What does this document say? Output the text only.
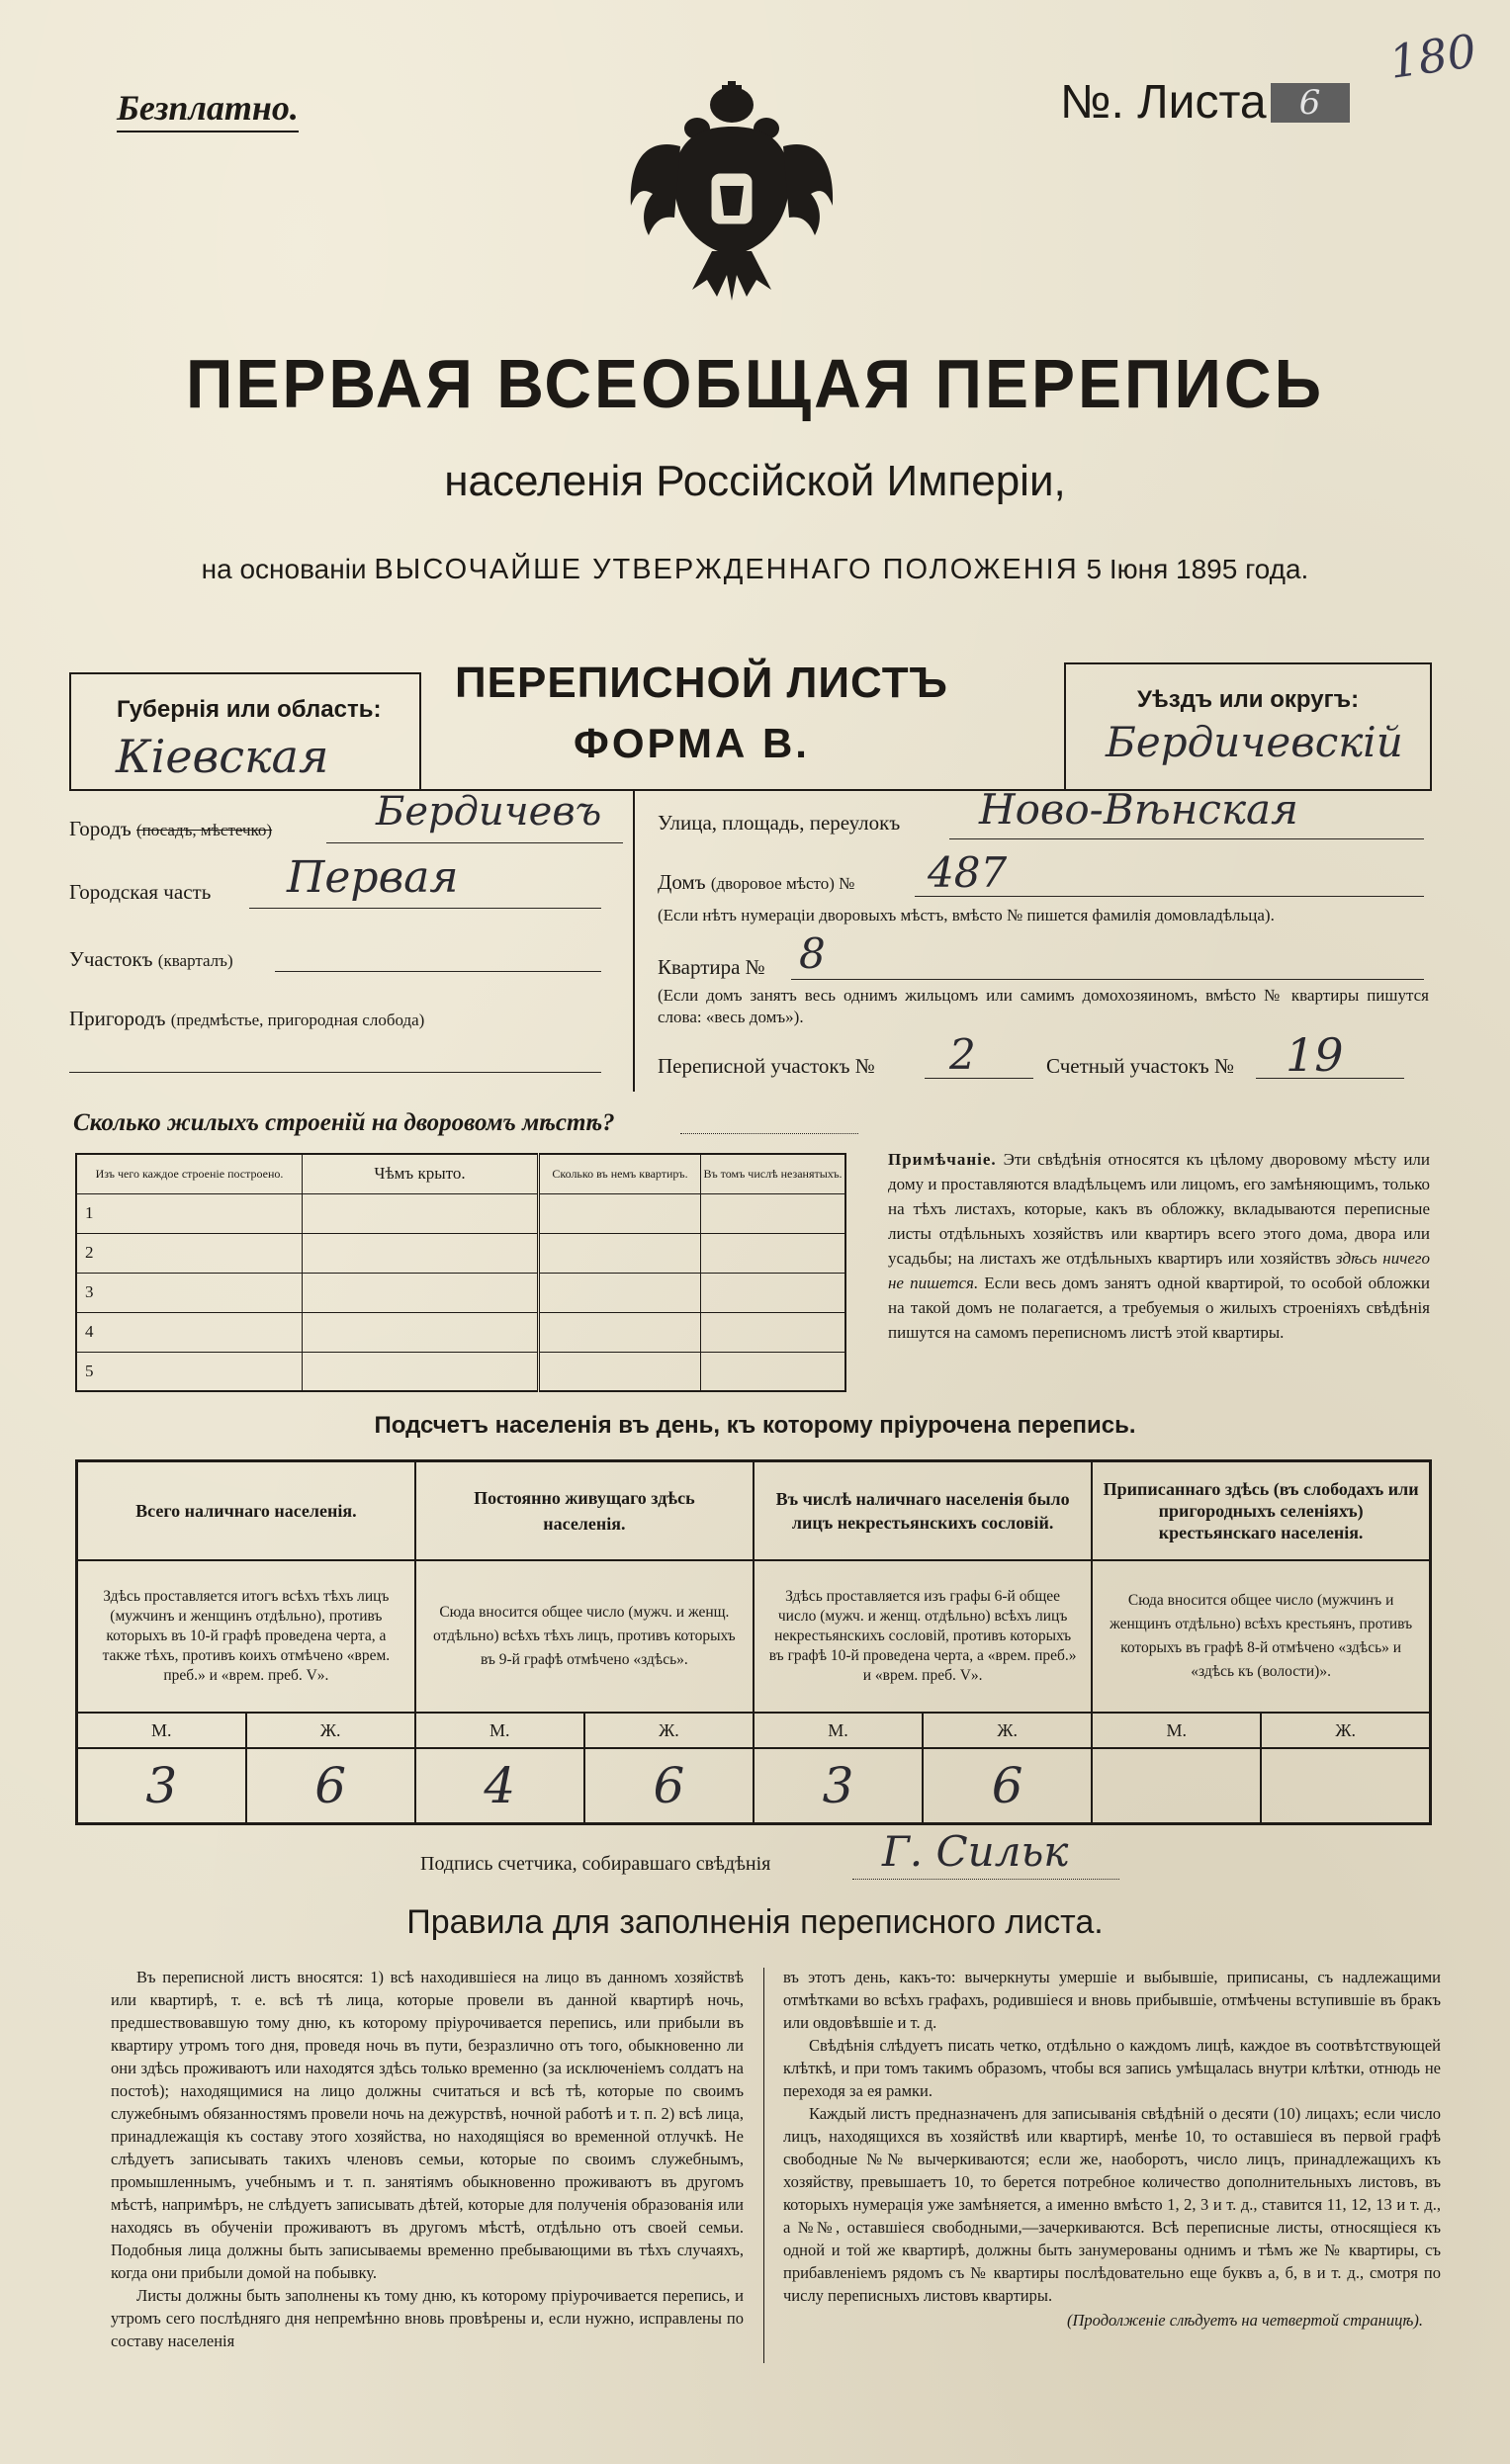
Безплатно.	№. Листа 6
180
ПЕРВАЯ ВСЕОБЩАЯ ПЕРЕПИСЬ
населенія Россійской Имперіи,
на основаніи ВЫСОЧАЙШЕ УТВЕРЖДЕННАГО ПОЛОЖЕНІЯ 5 Іюня 1895 года.
Губернія или область:
Кіевская
ПЕРЕПИСНОЙ ЛИСТЪ
ФОРМА В.
Уѣздъ или округъ:
Бердичевскій
Городъ (посадъ, мѣстечко)	Бердичевъ
Городская часть Первая
Участокъ (кварталъ)
Пригородъ (предмѣстье, пригородная слобода)
Улица, площадь, переулокъ Ново-Вѣнская
Домъ (дворовое мѣсто) № 487
(Если нѣтъ нумераціи дворовыхъ мѣстъ, вмѣсто № пишется фамилія домовладѣльца).
Квартира № 8
(Если домъ занятъ весь однимъ жильцомъ или самимъ домохозяиномъ, вмѣсто № квартиры пишутся слова: «весь домъ»).
Переписной участокъ № 2	Счетный участокъ № 19
Сколько жилыхъ строеній на дворовомъ мѣстѣ?
Изъ чего каждое строеніе построено.	Чѣмъ крыто.	Сколько въ немъ квартиръ.	Въ томъ числѣ незанятыхъ.
1			
2			
3			
4			
5			
Примѣчаніе. Эти свѣдѣнія относятся къ цѣлому дворовому мѣсту или дому и проставляются владѣльцемъ или лицомъ, его замѣняющимъ, только на тѣхъ листахъ, которые, какъ въ обложку, вкладываются переписные листы отдѣльныхъ хозяйствъ или квартиръ всего этого дома, двора или усадьбы; на листахъ же отдѣльныхъ квартиръ или хозяйствъ здѣсь ничего не пишется. Если весь домъ занятъ одной квартирой, то особой обложки на такой домъ не полагается, а требуемыя о жилыхъ строеніяхъ свѣдѣнія пишутся на самомъ переписномъ листѣ этой квартиры.
Подсчетъ населенія въ день, къ которому пріурочена перепись.
Всего наличнаго населенія.		Постоянно живущаго здѣсь населенія.		Въ числѣ наличнаго населенія было лицъ некрестьянскихъ сословій.		Приписаннаго здѣсь (въ слободахъ или пригородныхъ селеніяхъ) крестьянскаго населенія.	
Здѣсь проставляется итогъ всѣхъ тѣхъ лицъ (мужчинъ и женщинъ отдѣльно), противъ которыхъ въ 10-й графѣ проведена черта, а также тѣхъ, противъ коихъ отмѣчено «врем. преб.» и «врем. преб. V».		Сюда вносится общее число (мужч. и женщ. отдѣльно) всѣхъ тѣхъ лицъ, противъ которыхъ въ 9-й графѣ отмѣчено «здѣсь».		Здѣсь проставляется изъ графы 6-й общее число (мужч. и женщ. отдѣльно) всѣхъ лицъ некрестьянскихъ сословій, противъ которыхъ въ графѣ 10-й проведена черта, а «врем. преб.» и «врем. преб. V».		Сюда вносится общее число (мужчинъ и женщинъ отдѣльно) всѣхъ крестьянъ, противъ которыхъ въ графѣ 8-й отмѣчено «здѣсь» и «здѣсь къ (волости)».	
М.	Ж.	М.	Ж.	М.	Ж.	М.	Ж.
3	6	4	6	3	6		
Подпись счетчика, собиравшаго свѣдѣнія	Г. Сильк
Правила для заполненія переписного листа.

Въ переписной листъ вносятся: 1) всѣ находившіеся на лицо въ данномъ хозяйствѣ или квартирѣ, т. е. всѣ тѣ лица, которые провели въ данной квартирѣ ночь, предшествовавшую тому дню, къ которому пріурочивается перепись, или прибыли въ квартиру утромъ того дня, проведя ночь въ пути, безразлично отъ того, обыкновенно ли они здѣсь проживаютъ или находятся здѣсь только временно (за исключеніемъ солдатъ на постоѣ); находящимися на лицо должны считаться и всѣ тѣ, которые по своимъ служебнымъ обязанностямъ провели ночь на дежурствѣ, ночной работѣ и т. п. 2) всѣ лица, принадлежащія къ составу этого хозяйства, но находящіяся во временной отлучкѣ. Не слѣдуетъ записывать такихъ членовъ семьи, которые по своимъ служебнымъ, промышленнымъ, учебнымъ и т. п. занятіямъ обыкновенно проживаютъ въ другомъ мѣстѣ, напримѣръ, не слѣдуетъ записывать дѣтей, которые для полученія образованія или находясь въ обученіи проживаютъ въ другомъ мѣстѣ, отдѣльно отъ своей семьи. Подобныя лица должны быть записываемы временно пребывающими въ тѣхъ случаяхъ, когда они прибыли домой на побывку.

Листы должны быть заполнены къ тому дню, къ которому пріурочивается перепись, и утромъ сего послѣдняго дня непремѣнно вновь провѣрены и, если нужно, исправлены по составу населенія

въ этотъ день, какъ-то: вычеркнуты умершіе и выбывшіе, приписаны, съ надлежащими отмѣтками во всѣхъ графахъ, родившіеся и вновь прибывшіе, отмѣчены вступившіе въ бракъ или овдовѣвшіе и т. д.

Свѣдѣнія слѣдуетъ писать четко, отдѣльно о каждомъ лицѣ, каждое въ соотвѣтствующей клѣткѣ, и при томъ такимъ образомъ, чтобы вся запись умѣщалась внутри клѣтки, отнюдь не переходя за ея рамки.

Каждый листъ предназначенъ для записыванія свѣдѣній о десяти (10) лицахъ; если число лицъ, находящихся въ хозяйствѣ или квартирѣ, менѣе 10, то оставшіеся въ первой графѣ свободные №№ вычеркиваются; если же, наоборотъ, число лицъ, принадлежащихъ къ хозяйству, превышаетъ 10, то берется потребное количество дополнительныхъ листовъ, въ которыхъ нумерація уже замѣняется, а именно вмѣсто 1, 2, 3 и т. д., ставится 11, 12, 13 и т. д., а №№, оставшіеся свободными,—зачеркиваются. Всѣ переписные листы, относящіеся къ одной и той же квартирѣ, должны быть занумерованы однимъ и тѣмъ же № квартиры, съ прибавленіемъ рядомъ съ № квартиры послѣдовательно еще буквъ а, б, в и т. д., смотря по числу переписныхъ листовъ квартиры.

(Продолженіе слѣдуетъ на четвертой страницѣ).
